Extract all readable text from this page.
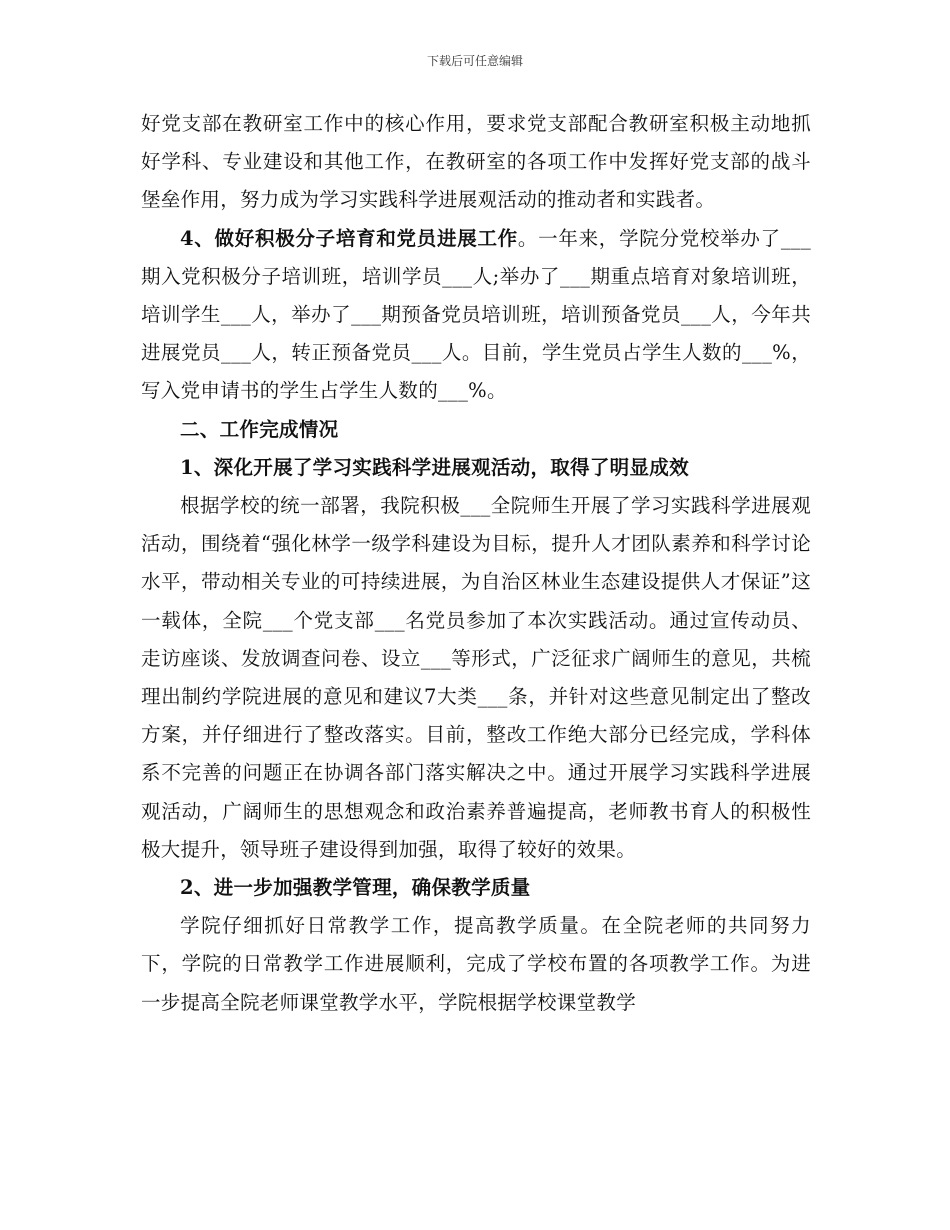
下载后可任意编辑

好党支部在教研室工作中的核心作用，要求党支部配合教研室积极主动地抓好学科、专业建设和其他工作，在教研室的各项工作中发挥好党支部的战斗堡垒作用，努力成为学习实践科学进展观活动的推动者和实践者。

4、做好积极分子培育和党员进展工作。一年来，学院分党校举办了___期入党积极分子培训班，培训学员___人;举办了___期重点培育对象培训班，培训学生___人，举办了___期预备党员培训班，培训预备党员___人，今年共进展党员___人，转正预备党员___人。目前，学生党员占学生人数的___%，写入党申请书的学生占学生人数的___%。

二、工作完成情况

1、深化开展了学习实践科学进展观活动，取得了明显成效

根据学校的统一部署，我院积极___全院师生开展了学习实践科学进展观活动，围绕着“强化林学一级学科建设为目标，提升人才团队素养和科学讨论水平，带动相关专业的可持续进展，为自治区林业生态建设提供人才保证”这一载体，全院___个党支部___名党员参加了本次实践活动。通过宣传动员、走访座谈、发放调查问卷、设立___等形式，广泛征求广阔师生的意见，共梳理出制约学院进展的意见和建议7大类___条，并针对这些意见制定出了整改方案，并仔细进行了整改落实。目前，整改工作绝大部分已经完成，学科体系不完善的问题正在协调各部门落实解决之中。通过开展学习实践科学进展观活动，广阔师生的思想观念和政治素养普遍提高，老师教书育人的积极性极大提升，领导班子建设得到加强，取得了较好的效果。

2、进一步加强教学管理，确保教学质量

学院仔细抓好日常教学工作，提高教学质量。在全院老师的共同努力下，学院的日常教学工作进展顺利，完成了学校布置的各项教学工作。为进一步提高全院老师课堂教学水平，学院根据学校课堂教学
